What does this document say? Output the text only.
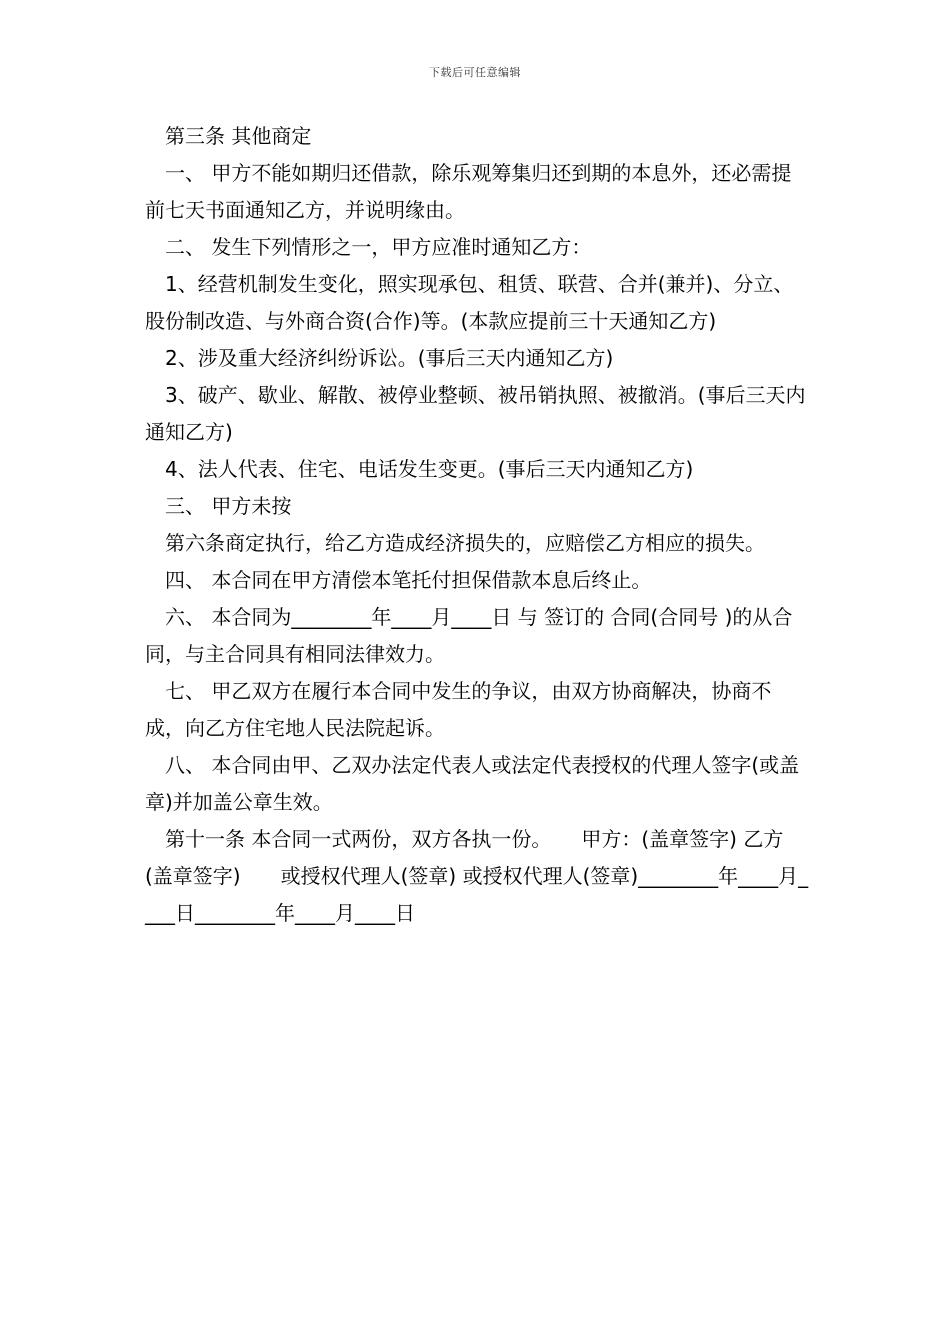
下载后可任意编辑

第三条 其他商定

一、 甲方不能如期归还借款，除乐观筹集归还到期的本息外，还必需提前七天书面通知乙方，并说明缘由。

二、 发生下列情形之一，甲方应准时通知乙方：

1、经营机制发生变化，照实现承包、租赁、联营、合并(兼并)、分立、股份制改造、与外商合资(合作)等。(本款应提前三十天通知乙方)

2、涉及重大经济纠纷诉讼。(事后三天内通知乙方)

3、破产、歇业、解散、被停业整顿、被吊销执照、被撤消。(事后三天内通知乙方)

4、法人代表、住宅、电话发生变更。(事后三天内通知乙方)

三、 甲方未按

第六条商定执行，给乙方造成经济损失的，应赔偿乙方相应的损失。

四、 本合同在甲方清偿本笔托付担保借款本息后终止。

六、 本合同为________年____月____日 与 签订的 合同(合同号 )的从合同，与主合同具有相同法律效力。

七、 甲乙双方在履行本合同中发生的争议，由双方协商解决，协商不成，向乙方住宅地人民法院起诉。

八、 本合同由甲、乙双办法定代表人或法定代表授权的代理人签字(或盖章)并加盖公章生效。

第十一条 本合同一式两份，双方各执一份。　　甲方：(盖章签字) 乙方(盖章签字)　　或授权代理人(签章) 或授权代理人(签章)________年____月____日________年____月____日
